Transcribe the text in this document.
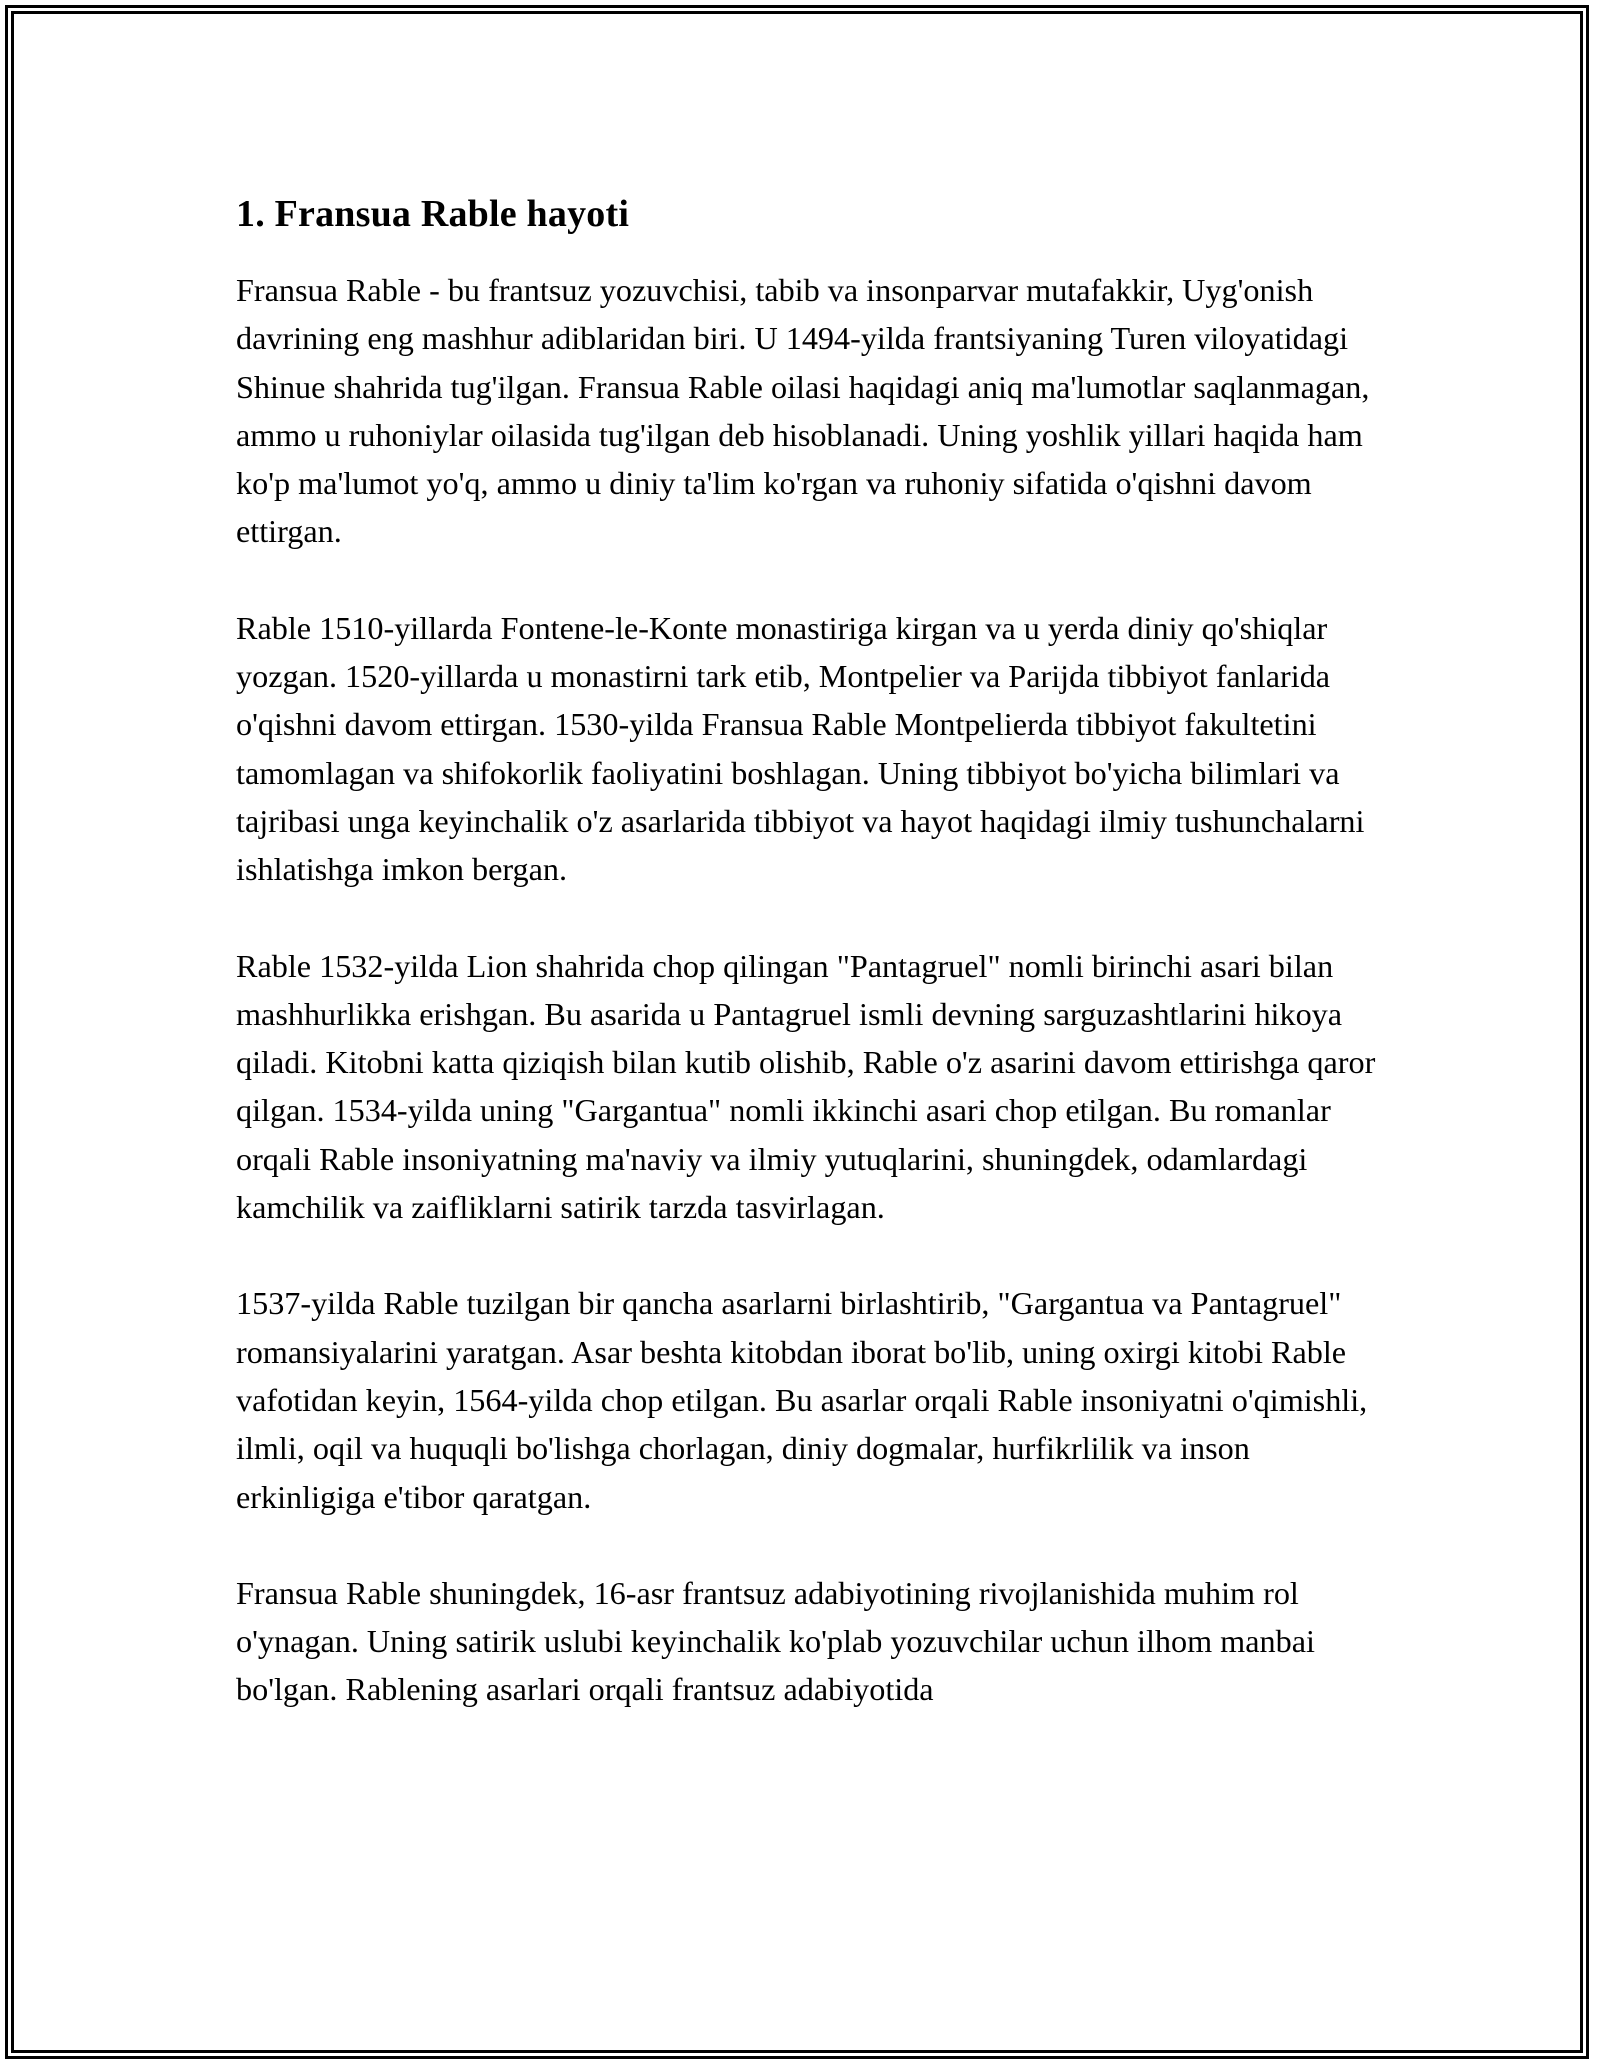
1. Fransua Rable hayoti

Fransua Rable - bu frantsuz yozuvchisi, tabib va insonparvar mutafakkir, Uyg'onish davrining eng mashhur adiblaridan biri. U 1494-yilda frantsiyaning Turen viloyatidagi Shinue shahrida tug'ilgan. Fransua Rable oilasi haqidagi aniq ma'lumotlar saqlanmagan, ammo u ruhoniylar oilasida tug'ilgan deb hisoblanadi. Uning yoshlik yillari haqida ham ko'p ma'lumot yo'q, ammo u diniy ta'lim ko'rgan va ruhoniy sifatida o'qishni davom ettirgan.

Rable 1510-yillarda Fontene-le-Konte monastiriga kirgan va u yerda diniy qo'shiqlar yozgan. 1520-yillarda u monastirni tark etib, Montpelier va Parijda tibbiyot fanlarida o'qishni davom ettirgan. 1530-yilda Fransua Rable Montpelierda tibbiyot fakultetini tamomlagan va shifokorlik faoliyatini boshlagan. Uning tibbiyot bo'yicha bilimlari va tajribasi unga keyinchalik o'z asarlarida tibbiyot va hayot haqidagi ilmiy tushunchalarni ishlatishga imkon bergan.

Rable 1532-yilda Lion shahrida chop qilingan "Pantagruel" nomli birinchi asari bilan mashhurlikka erishgan. Bu asarida u Pantagruel ismli devning sarguzashtlarini hikoya qiladi. Kitobni katta qiziqish bilan kutib olishib, Rable o'z asarini davom ettirishga qaror qilgan. 1534-yilda uning "Gargantua" nomli ikkinchi asari chop etilgan. Bu romanlar orqali Rable insoniyatning ma'naviy va ilmiy yutuqlarini, shuningdek, odamlardagi kamchilik va zaifliklarni satirik tarzda tasvirlagan.

1537-yilda Rable tuzilgan bir qancha asarlarni birlashtirib, "Gargantua va Pantagruel" romansiyalarini yaratgan. Asar beshta kitobdan iborat bo'lib, uning oxirgi kitobi Rable vafotidan keyin, 1564-yilda chop etilgan. Bu asarlar orqali Rable insoniyatni o'qimishli, ilmli, oqil va huquqli bo'lishga chorlagan, diniy dogmalar, hurfikrlilik va inson erkinligiga e'tibor qaratgan.

Fransua Rable shuningdek, 16-asr frantsuz adabiyotining rivojlanishida muhim rol o'ynagan. Uning satirik uslubi keyinchalik ko'plab yozuvchilar uchun ilhom manbai bo'lgan. Rablening asarlari orqali frantsuz adabiyotida
